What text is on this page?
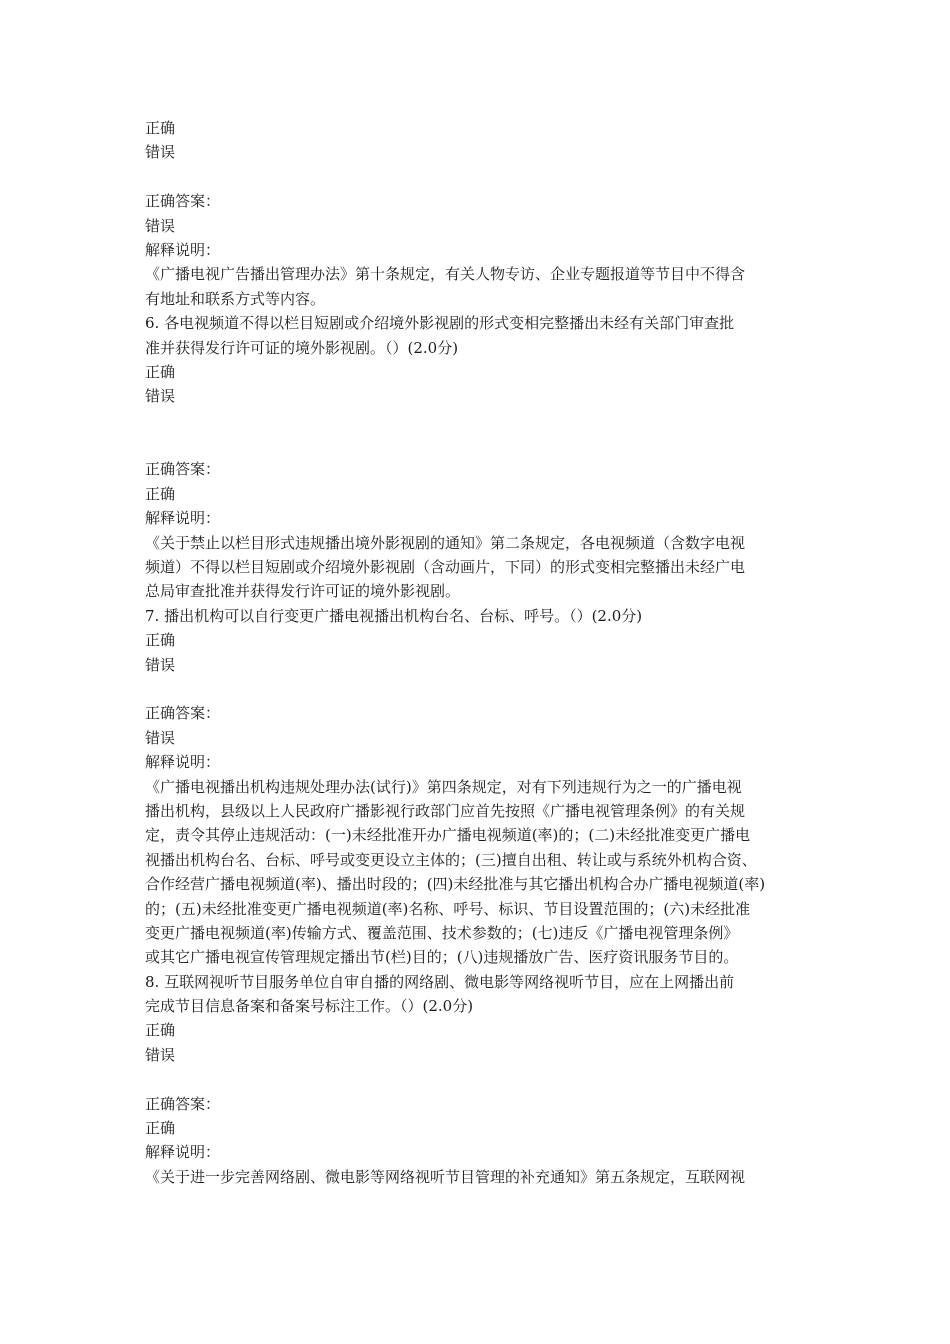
正确
错误
正确答案：
错误
解释说明：
《广播电视广告播出管理办法》第十条规定，有关人物专访、企业专题报道等节目中不得含
有地址和联系方式等内容。
6. 各电视频道不得以栏目短剧或介绍境外影视剧的形式变相完整播出未经有关部门审查批
准并获得发行许可证的境外影视剧。（）(2.0分)
正确
错误
正确答案：
正确
解释说明：
《关于禁止以栏目形式违规播出境外影视剧的通知》第二条规定，各电视频道（含数字电视
频道）不得以栏目短剧或介绍境外影视剧（含动画片，下同）的形式变相完整播出未经广电
总局审查批准并获得发行许可证的境外影视剧。
7. 播出机构可以自行变更广播电视播出机构台名、台标、呼号。（）(2.0分)
正确
错误
正确答案：
错误
解释说明：
《广播电视播出机构违规处理办法(试行)》第四条规定，对有下列违规行为之一的广播电视
播出机构，县级以上人民政府广播影视行政部门应首先按照《广播电视管理条例》的有关规
定，责令其停止违规活动：(一)未经批准开办广播电视频道(率)的；(二)未经批准变更广播电
视播出机构台名、台标、呼号或变更设立主体的；(三)擅自出租、转让或与系统外机构合资、
合作经营广播电视频道(率)、播出时段的；(四)未经批准与其它播出机构合办广播电视频道(率)
的；(五)未经批准变更广播电视频道(率)名称、呼号、标识、节目设置范围的；(六)未经批准
变更广播电视频道(率)传输方式、覆盖范围、技术参数的；(七)违反《广播电视管理条例》
或其它广播电视宣传管理规定播出节(栏)目的；(八)违规播放广告、医疗资讯服务节目的。
8. 互联网视听节目服务单位自审自播的网络剧、微电影等网络视听节目，应在上网播出前
完成节目信息备案和备案号标注工作。（）(2.0分)
正确
错误
正确答案：
正确
解释说明：
《关于进一步完善网络剧、微电影等网络视听节目管理的补充通知》第五条规定，互联网视
